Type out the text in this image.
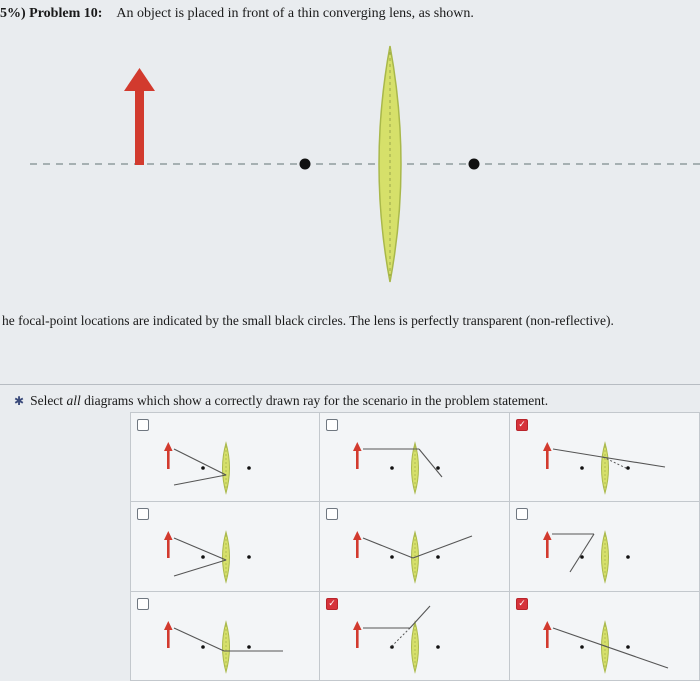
5%) Problem 10: An object is placed in front of a thin converging lens, as shown.
he focal-point locations are indicated by the small black circles. The lens is perfectly transparent (non-reflective).
✱ Select all diagrams which show a correctly drawn ray for the scenario in the problem statement.
✓
✓	✓
